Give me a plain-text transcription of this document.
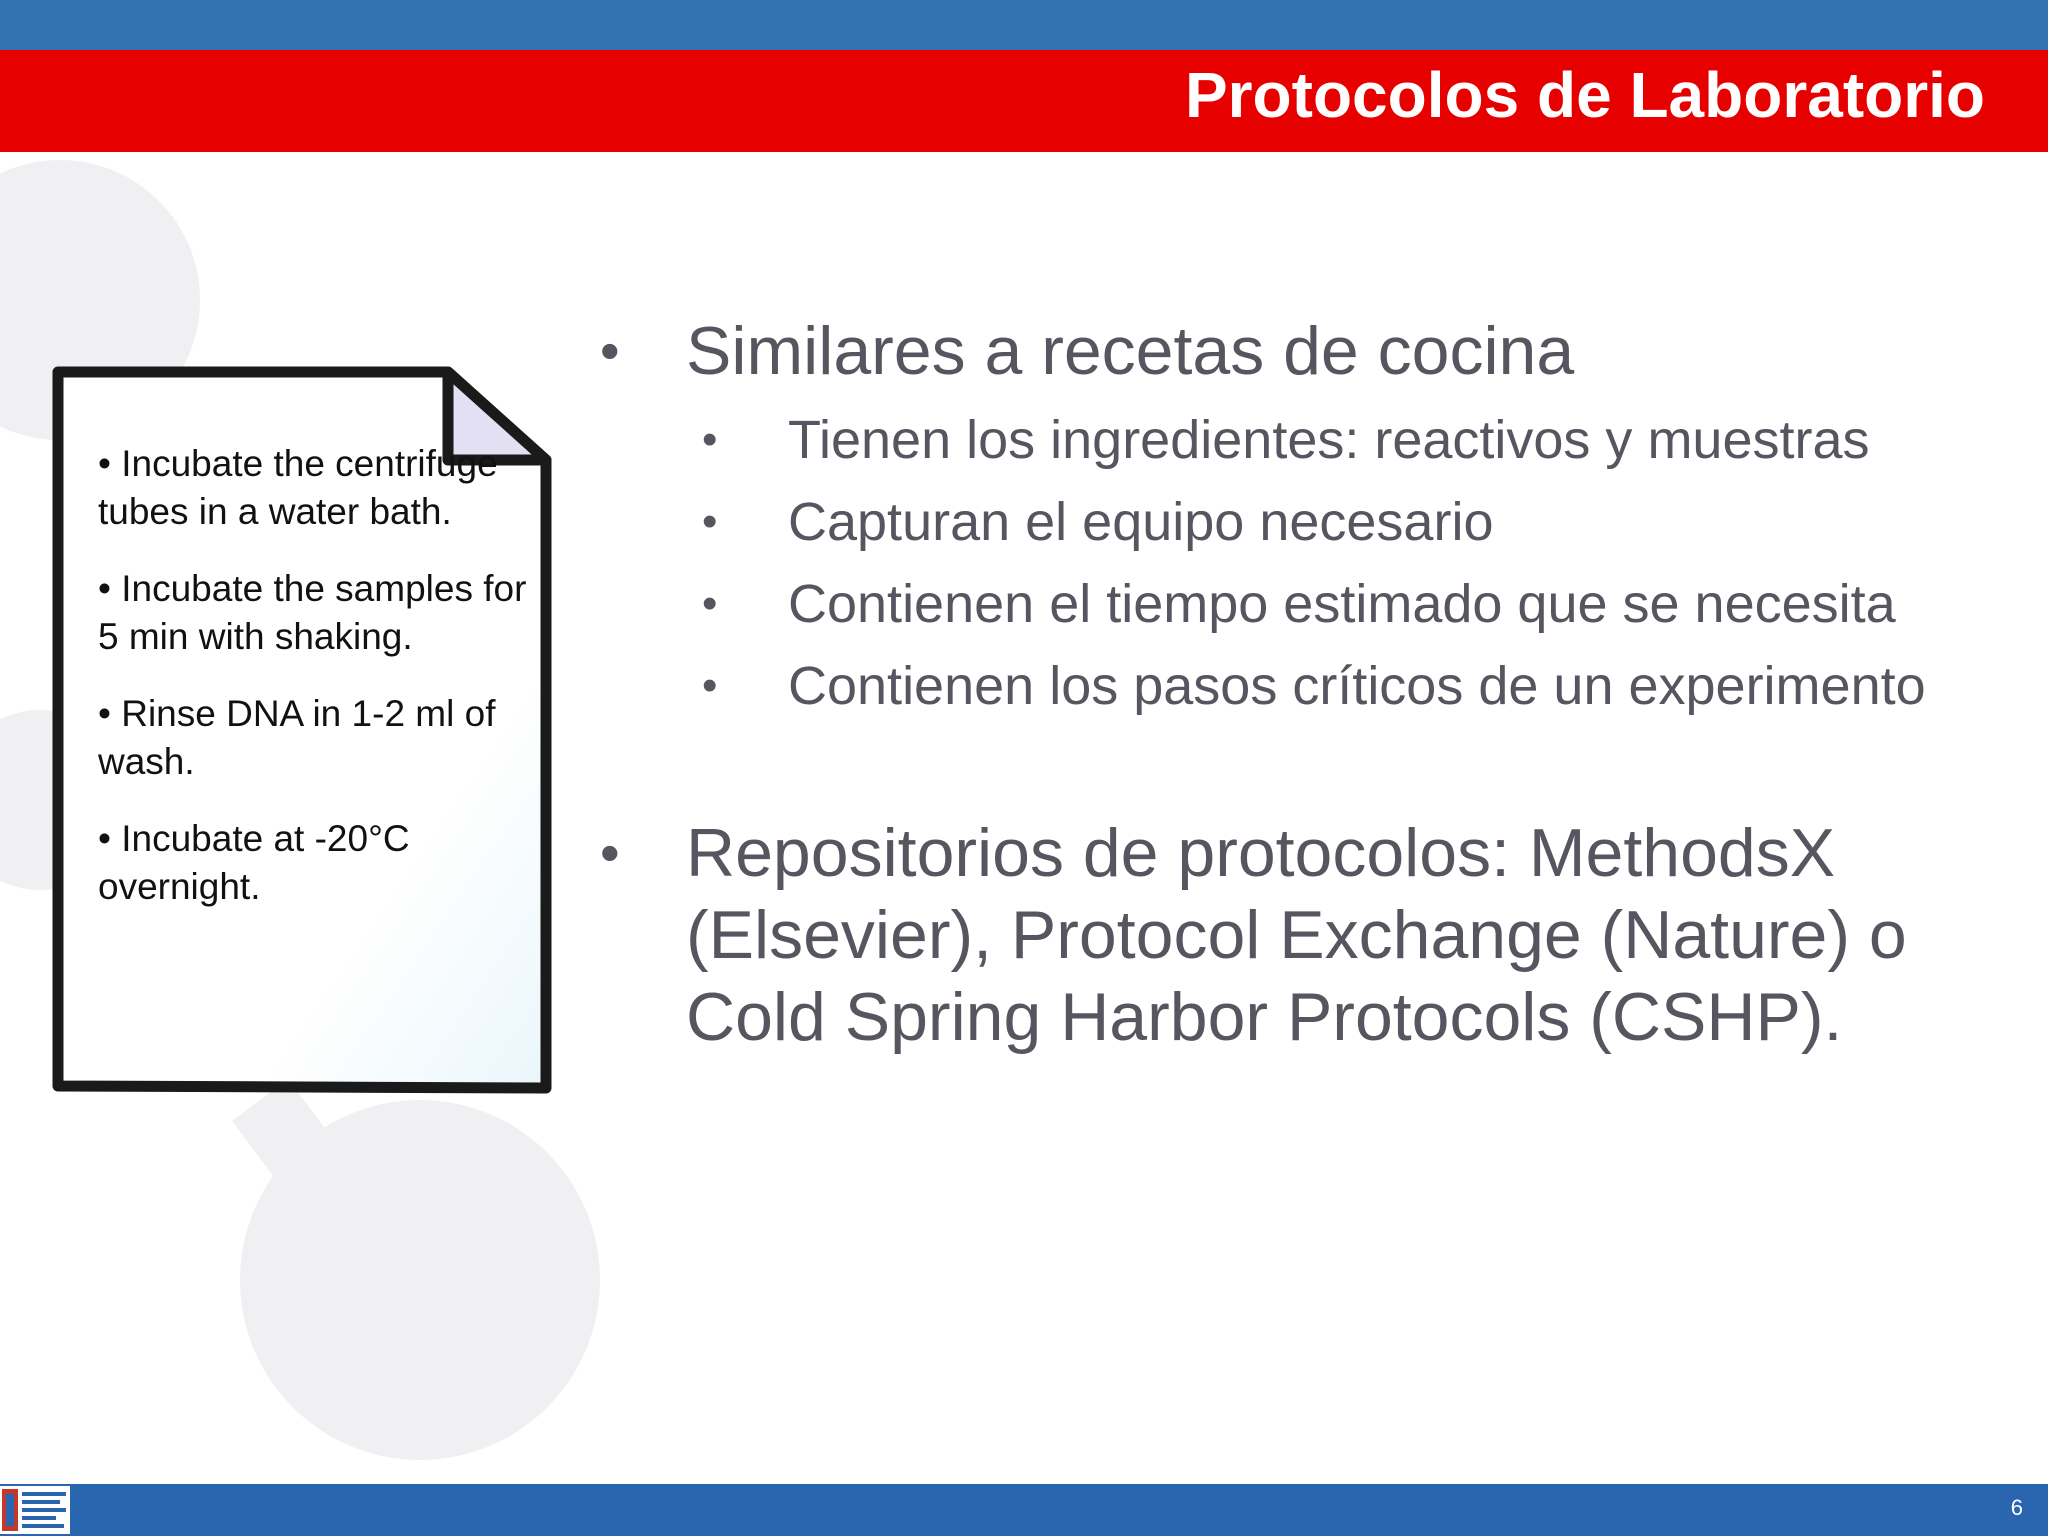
Protocolos de Laboratorio

• Incubate the centrifuge tubes in a water bath.

• Incubate the samples for 5 min with shaking.

• Rinse DNA in 1-2 ml of wash.

• Incubate at -20°C overnight.

• Similares a recetas de cocina
• Tienen los ingredientes: reactivos y muestras
• Capturan el equipo necesario
• Contienen el tiempo estimado que se necesita
• Contienen los pasos críticos de un experimento
• Repositorios de protocolos: MethodsX (Elsevier), Protocol Exchange (Nature) o Cold Spring Harbor Protocols (CSHP).
6
